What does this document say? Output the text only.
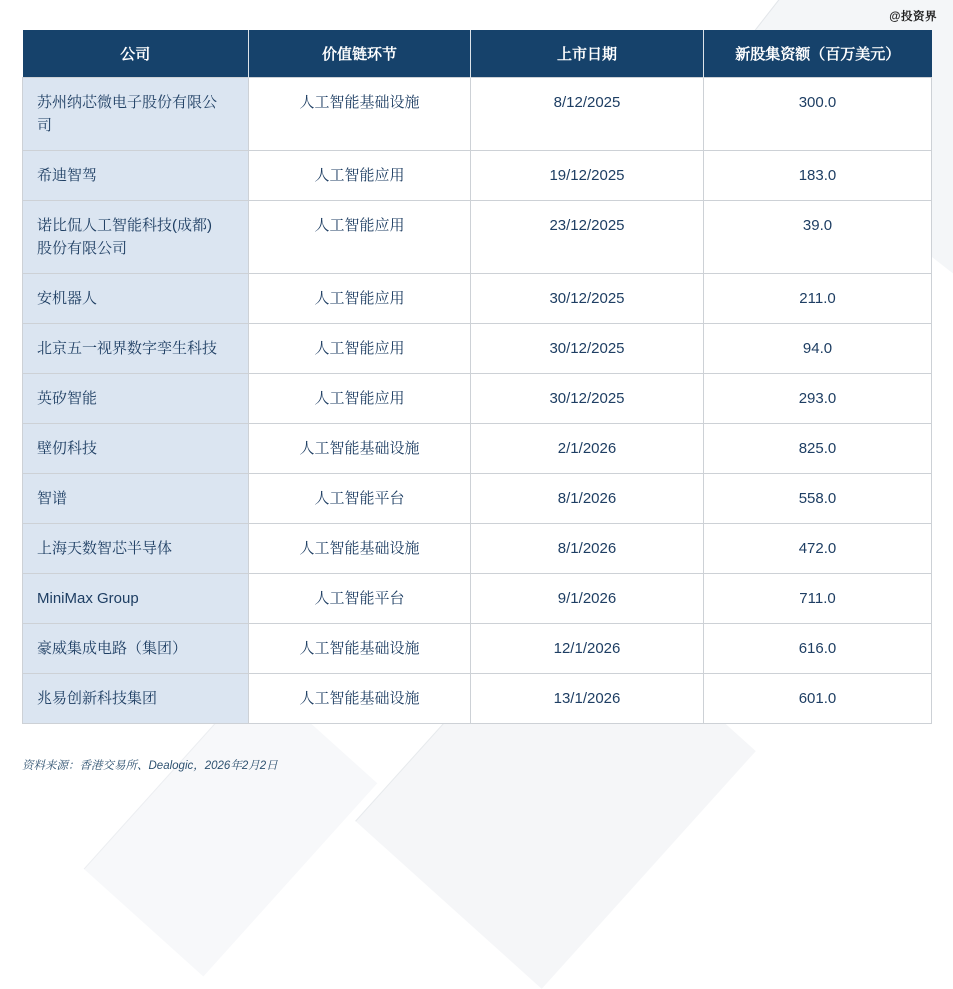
@投资界
公司	价值链环节	上市日期	新股集资额（百万美元）
苏州纳芯微电子股份有限公司	人工智能基础设施	8/12/2025	300.0
希迪智驾	人工智能应用	19/12/2025	183.0
诺比侃人工智能科技(成都)股份有限公司	人工智能应用	23/12/2025	39.0
安机器人	人工智能应用	30/12/2025	211.0
北京五一视界数字孪生科技	人工智能应用	30/12/2025	94.0
英矽智能	人工智能应用	30/12/2025	293.0
壁仞科技	人工智能基础设施	2/1/2026	825.0
智谱	人工智能平台	8/1/2026	558.0
上海天数智芯半导体	人工智能基础设施	8/1/2026	472.0
MiniMax Group	人工智能平台	9/1/2026	711.0
豪威集成电路（集团）	人工智能基础设施	12/1/2026	616.0
兆易创新科技集团	人工智能基础设施	13/1/2026	601.0
资料来源：香港交易所、Dealogic，2026年2月2日
